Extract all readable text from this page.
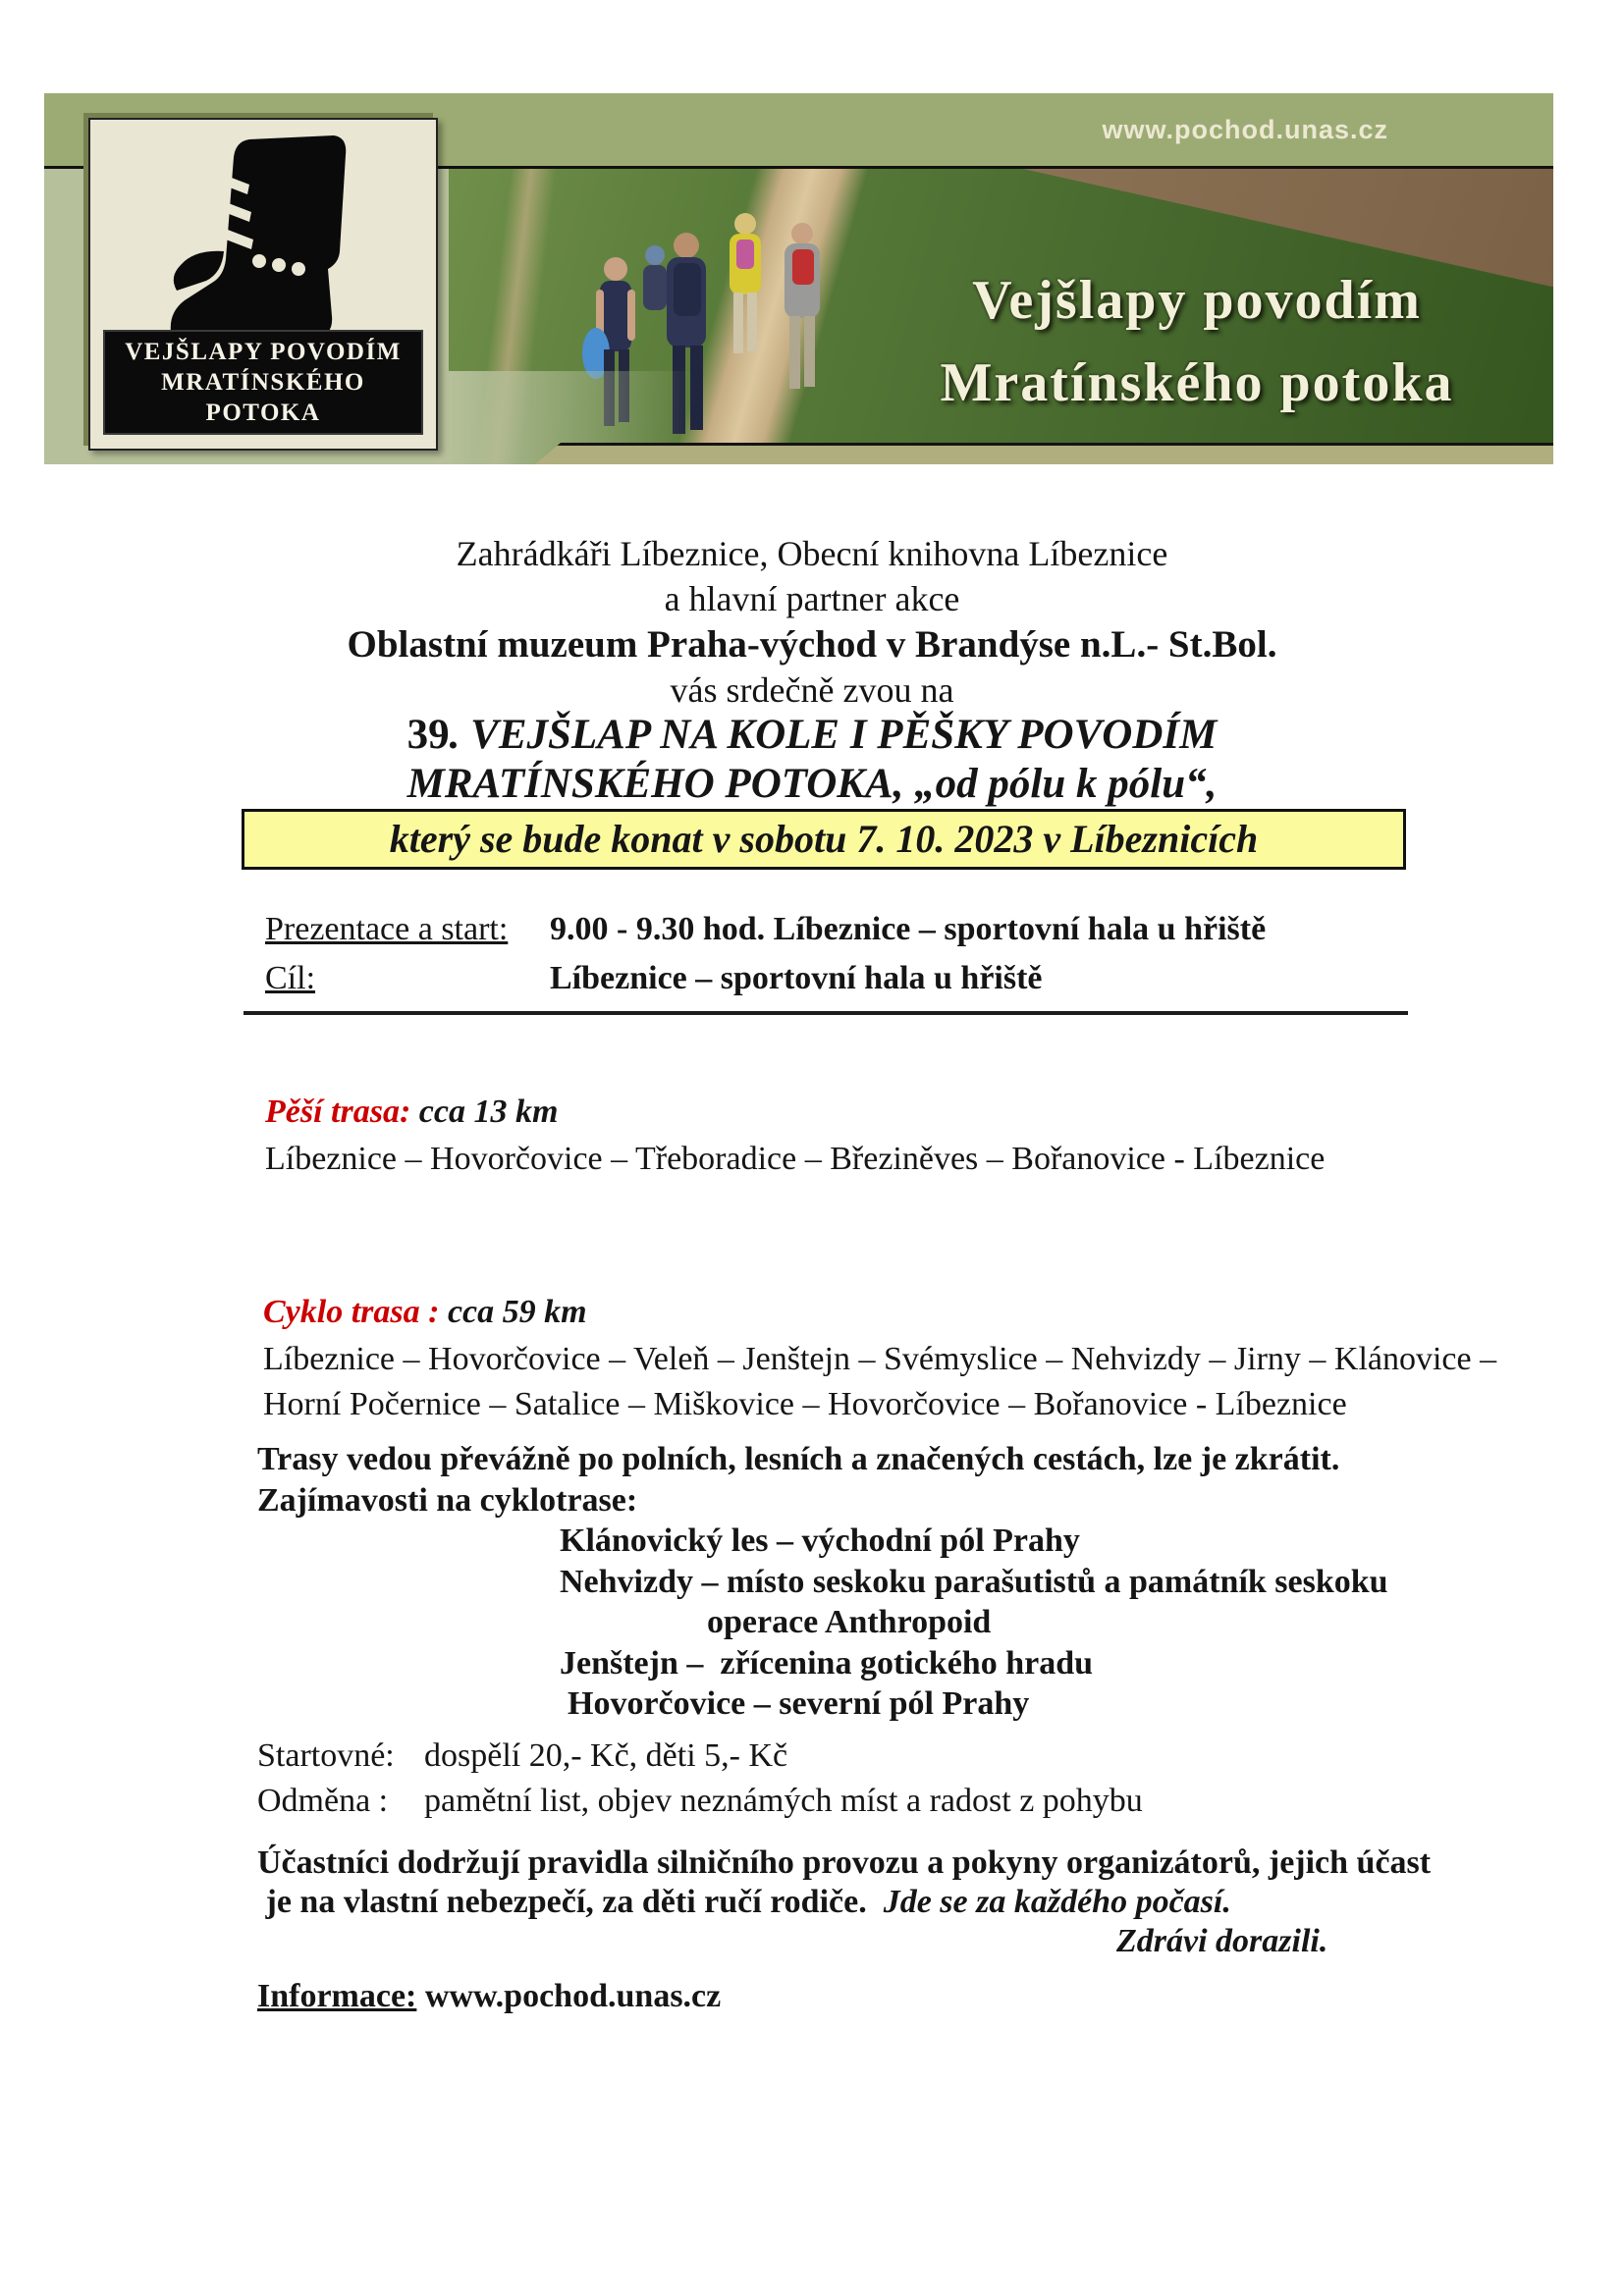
www.pochod.unas.cz
Vejšlapy povodím
Mratínského potoka
VEJŠLAPY POVODÍM
MRATÍNSKÉHO POTOKA
Zahrádkáři Líbeznice, Obecní knihovna Líbeznice
a hlavní partner akce
Oblastní muzeum Praha-východ v Brandýse n.L.- St.Bol.
vás srdečně zvou na
39. VEJŠLAP NA KOLE I PĚŠKY POVODÍM
MRATÍNSKÉHO POTOKA, „od pólu k pólu“,
který se bude konat v sobotu 7. 10. 2023 v Líbeznicích
Prezentace a start:	9.00 - 9.30 hod. Líbeznice – sportovní hala u hřiště
Cíl:	Líbeznice – sportovní hala u hřiště
Pěší trasa: cca 13 km
Líbeznice – Hovorčovice – Třeboradice – Březiněves – Bořanovice - Líbeznice
Cyklo trasa : cca 59 km
Líbeznice – Hovorčovice – Veleň – Jenštejn – Svémyslice – Nehvizdy – Jirny – Klánovice – Horní Počernice – Satalice – Miškovice – Hovorčovice – Bořanovice - Líbeznice
Trasy vedou převážně po polních, lesních a značených cestách, lze je zkrátit.
Zajímavosti na cyklotrase:
Klánovický les – východní pól Prahy
Nehvizdy – místo seskoku parašutistů a památník seskoku
operace Anthropoid
Jenštejn –  zřícenina gotického hradu
Hovorčovice – severní pól Prahy
Startovné: dospělí 20,- Kč, děti 5,- Kč
Odměna : pamětní list, objev neznámých míst a radost z pohybu
Účastníci dodržují pravidla silničního provozu a pokyny organizátorů, jejich účast
je na vlastní nebezpečí, za děti ručí rodiče.  Jde se za každého počasí.
Zdrávi dorazili.
Informace: www.pochod.unas.cz
